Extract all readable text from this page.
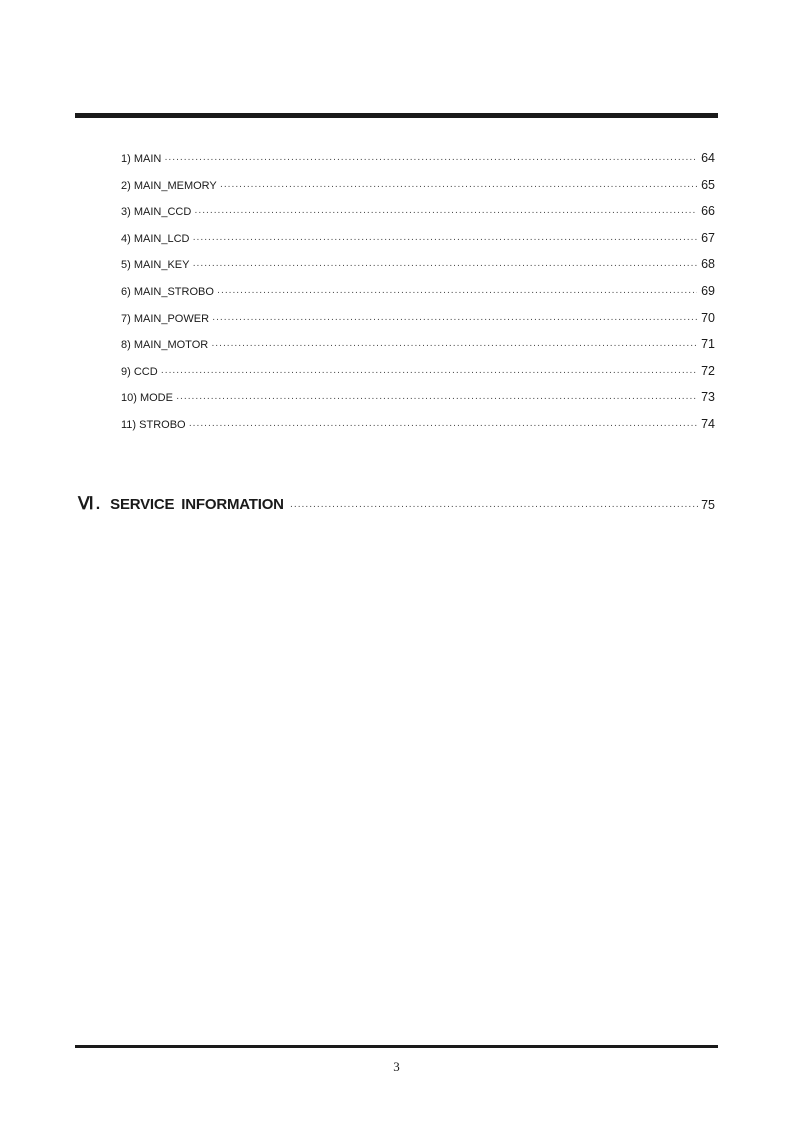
1) MAIN ·····	64
2) MAIN_MEMORY ·····	65
3) MAIN_CCD ·····	66
4) MAIN_LCD ·····	67
5) MAIN_KEY ·····	68
6) MAIN_STROBO ·····	69
7) MAIN_POWER ·····	70
8) MAIN_MOTOR ·····	71
9) CCD ·····	72
10) MODE ·····	73
11) STROBO ·····	74
Ⅵ . SERVICE INFORMATION ·····	75
3
